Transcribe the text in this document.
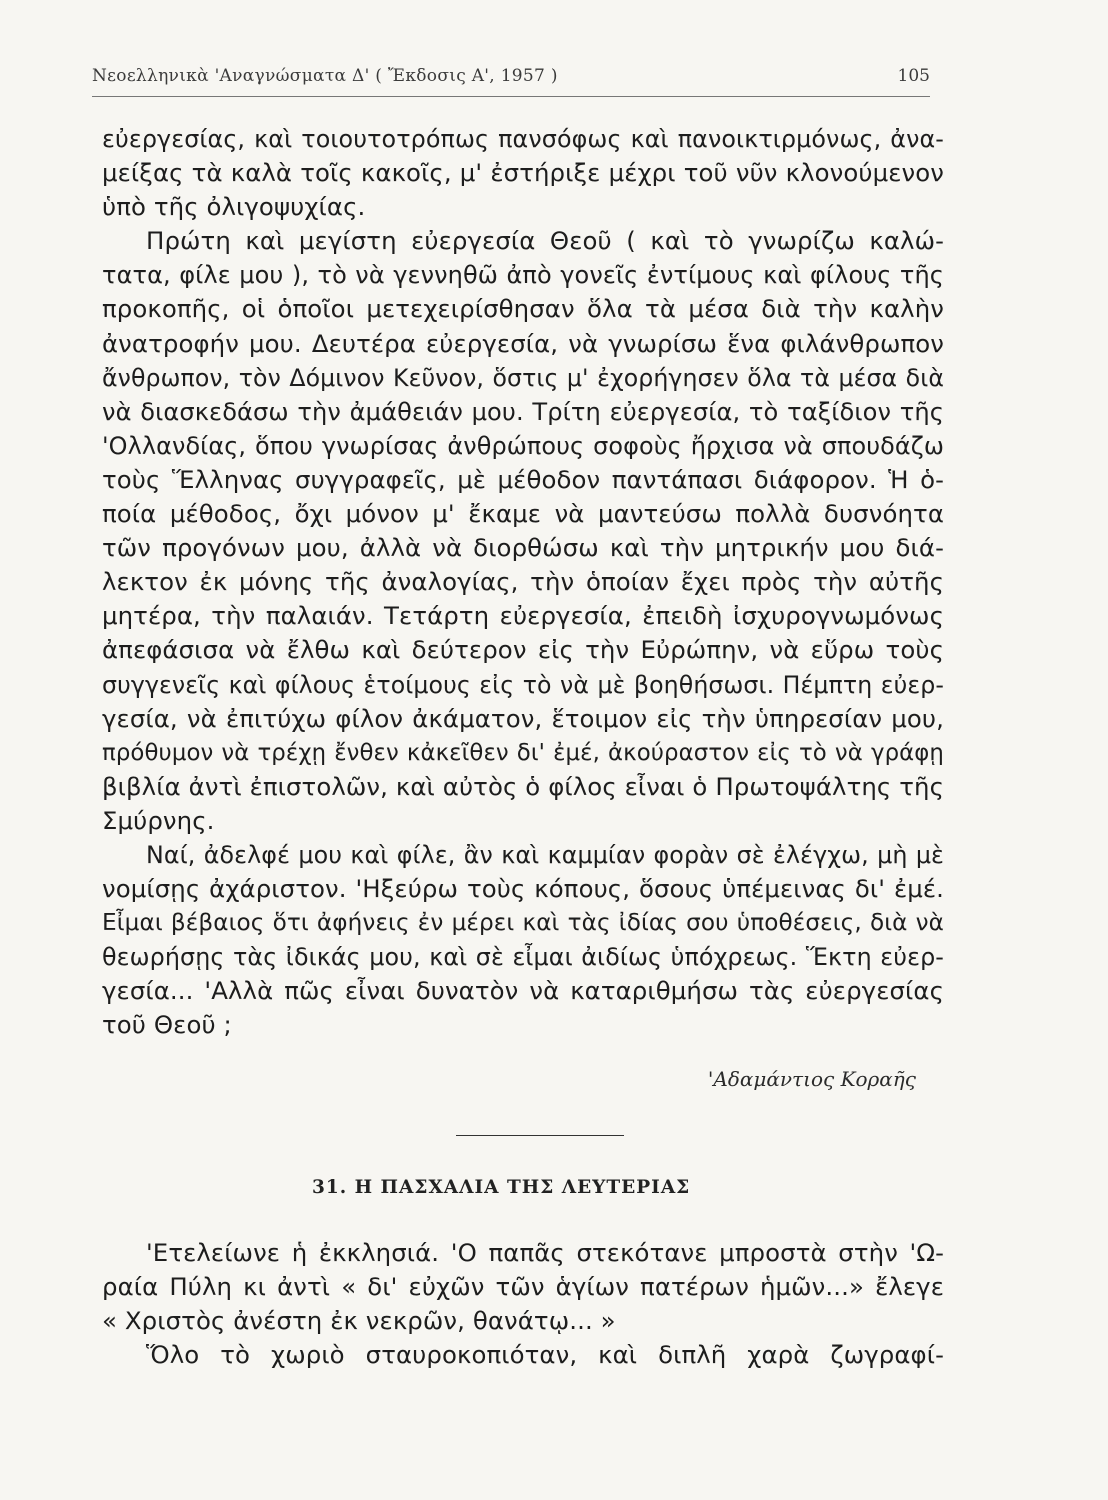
Νεοελληνικὰ 'Αναγνώσματα Δ' ( Ἔκδοσις Α', 1957 )	105
εὐεργεσίας, καὶ τοιουτοτρόπως πανσόφως καὶ πανοικτιρμόνως, ἀνα-
μείξας τὰ καλὰ τοῖς κακοῖς, μ' ἐστήριξε μέχρι τοῦ νῦν κλονούμενον
ὑπὸ τῆς ὀλιγοψυχίας.
Πρώτη καὶ μεγίστη εὐεργεσία Θεοῦ ( καὶ τὸ γνωρίζω καλώ-
τατα, φίλε μου ), τὸ νὰ γεννηθῶ ἀπὸ γονεῖς ἐντίμους καὶ φίλους τῆς
προκοπῆς, οἱ ὁποῖοι μετεχειρίσθησαν ὅλα τὰ μέσα διὰ τὴν καλὴν
ἀνατροφήν μου. Δευτέρα εὐεργεσία, νὰ γνωρίσω ἕνα φιλάνθρωπον
ἄνθρωπον, τὸν Δόμινον Κεῦνον, ὅστις μ' ἐχορήγησεν ὅλα τὰ μέσα διὰ
νὰ διασκεδάσω τὴν ἀμάθειάν μου. Τρίτη εὐεργεσία, τὸ ταξίδιον τῆς
'Ολλανδίας, ὅπου γνωρίσας ἀνθρώπους σοφοὺς ἤρχισα νὰ σπουδάζω
τοὺς Ἕλληνας συγγραφεῖς, μὲ μέθοδον παντάπασι διάφορον. Ἡ ὁ-
ποία μέθοδος, ὄχι μόνον μ' ἔκαμε νὰ μαντεύσω πολλὰ δυσνόητα
τῶν προγόνων μου, ἀλλὰ νὰ διορθώσω καὶ τὴν μητρικήν μου διά-
λεκτον ἐκ μόνης τῆς ἀναλογίας, τὴν ὁποίαν ἔχει πρὸς τὴν αὐτῆς
μητέρα, τὴν παλαιάν. Τετάρτη εὐεργεσία, ἐπειδὴ ἰσχυρογνωμόνως
ἀπεφάσισα νὰ ἔλθω καὶ δεύτερον εἰς τὴν Εὐρώπην, νὰ εὕρω τοὺς
συγγενεῖς καὶ φίλους ἑτοίμους εἰς τὸ νὰ μὲ βοηθήσωσι. Πέμπτη εὐερ-
γεσία, νὰ ἐπιτύχω φίλον ἀκάματον, ἕτοιμον εἰς τὴν ὑπηρεσίαν μου,
πρόθυμον νὰ τρέχῃ ἔνθεν κἀκεῖθεν δι' ἐμέ, ἀκούραστον εἰς τὸ νὰ γράφῃ
βιβλία ἀντὶ ἐπιστολῶν, καὶ αὐτὸς ὁ φίλος εἶναι ὁ Πρωτοψάλτης τῆς
Σμύρνης.
Ναί, ἀδελφέ μου καὶ φίλε, ἂν καὶ καμμίαν φορὰν σὲ ἐλέγχω, μὴ μὲ
νομίσῃς ἀχάριστον. 'Ηξεύρω τοὺς κόπους, ὅσους ὑπέμεινας δι' ἐμέ.
Εἶμαι βέβαιος ὅτι ἀφήνεις ἐν μέρει καὶ τὰς ἰδίας σου ὑποθέσεις, διὰ νὰ
θεωρήσῃς τὰς ἰδικάς μου, καὶ σὲ εἶμαι ἀιδίως ὑπόχρεως. Ἕκτη εὐερ-
γεσία... 'Αλλὰ πῶς εἶναι δυνατὸν νὰ καταριθμήσω τὰς εὐεργεσίας
τοῦ Θεοῦ ;
'Αδαμάντιος Κοραῆς
31. Η ΠΑΣΧΑΛΙΑ ΤΗΣ ΛΕΥΤΕΡΙΑΣ
'Ετελείωνε ἡ ἐκκλησιά. 'Ο παπᾶς στεκότανε μπροστὰ στὴν 'Ω-
ραία Πύλη κι ἀντὶ « δι' εὐχῶν τῶν ἁγίων πατέρων ἡμῶν...» ἔλεγε
« Χριστὸς ἀνέστη ἐκ νεκρῶν, θανάτῳ... »
Ὅλο τὸ χωριὸ σταυροκοπιόταν, καὶ διπλῆ χαρὰ ζωγραφί-
